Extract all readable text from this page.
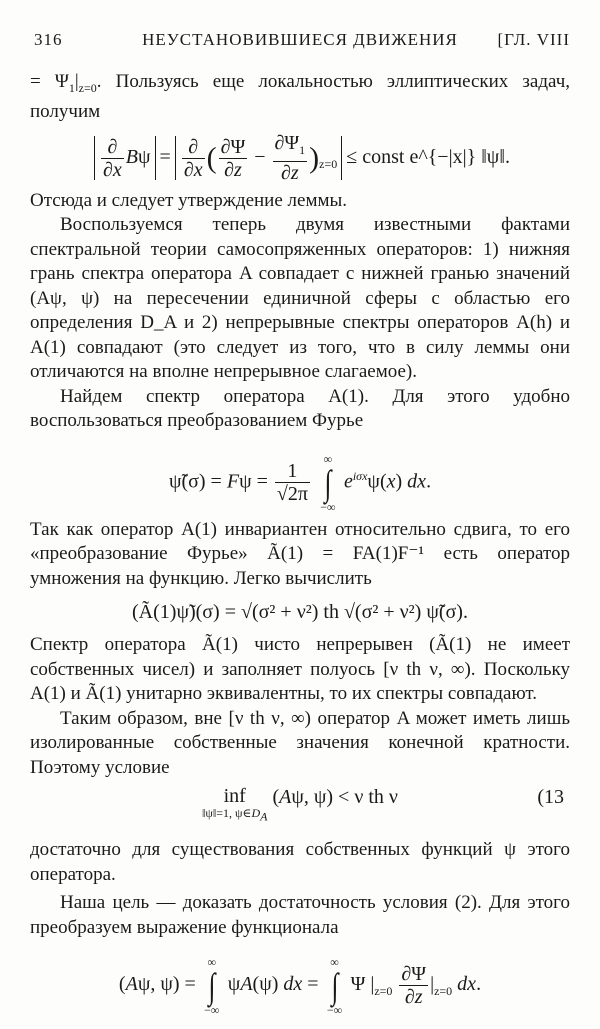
316	НЕУСТАНОВИВШИЕСЯ ДВИЖЕНИЯ	[ГЛ. VIII

= $\Psi_1|_{z=0}$. Пользуясь еще локальностью эллиптических задач, получим

$\frac{\partial}{\partial x}$ $B\psi = \frac{\partial}{\partial x}$ ( $\frac{\partial\Psi}{\partial z} - \frac{\partial\Psi_1}{\partial z} )_{z=0}$ ≤ const e^{−|x|} ‖ψ‖.

Отсюда и следует утверждение леммы.

Воспользуемся теперь двумя известными фактами спектральной теории самосопряженных операторов: 1) нижняя грань спектра оператора A совпадает с нижней гранью значений (Aψ, ψ) на пересечении единичной сферы с областью его определения D_A и 2) непрерывные спектры операторов A(h) и A(1) совпадают (это следует из того, что в силу леммы они отличаются на вполне непрерывное слагаемое).

Найдем спектр оператора A(1). Для этого удобно воспользоваться преобразованием Фурье

ψ̃(σ) = $F\psi = \frac{1}{√2\pi}$

∞
∫
−∞
$e^{i\sigma x}\psi(x)$ dx.

Так как оператор A(1) инвариантен относительно сдвига, то его «преобразование Фурье» Ã(1) = FA(1)F⁻¹ есть оператор умножения на функцию. Легко вычислить

(Ã(1)ψ̃)(σ) = √(σ² + ν²) th √(σ² + ν²) ψ̃(σ).

Спектр оператора Ã(1) чисто непрерывен (Ã(1) не имеет собственных чисел) и заполняет полуось [ν th ν, ∞). Поскольку A(1) и Ã(1) унитарно эквивалентны, то их спектры совпадают.

Таким образом, вне [ν th ν, ∞) оператор A может иметь лишь изолированные собственные значения конечной кратности. Поэтому условие

inf
‖ψ‖=1, $\psi\in D_A$
(Aψ, ψ) < ν th ν	(13

достаточно для существования собственных функций ψ этого оператора.

Наша цель — доказать достаточность условия (2). Для этого преобразуем выражение функционала

(Aψ, ψ) =
∞
∫
−∞
ψA(ψ) dx =
∞
∫
−∞
Ψ $|_{z=0} \frac{\partial\Psi}{\partial z} |_{z=0}$ dx.
